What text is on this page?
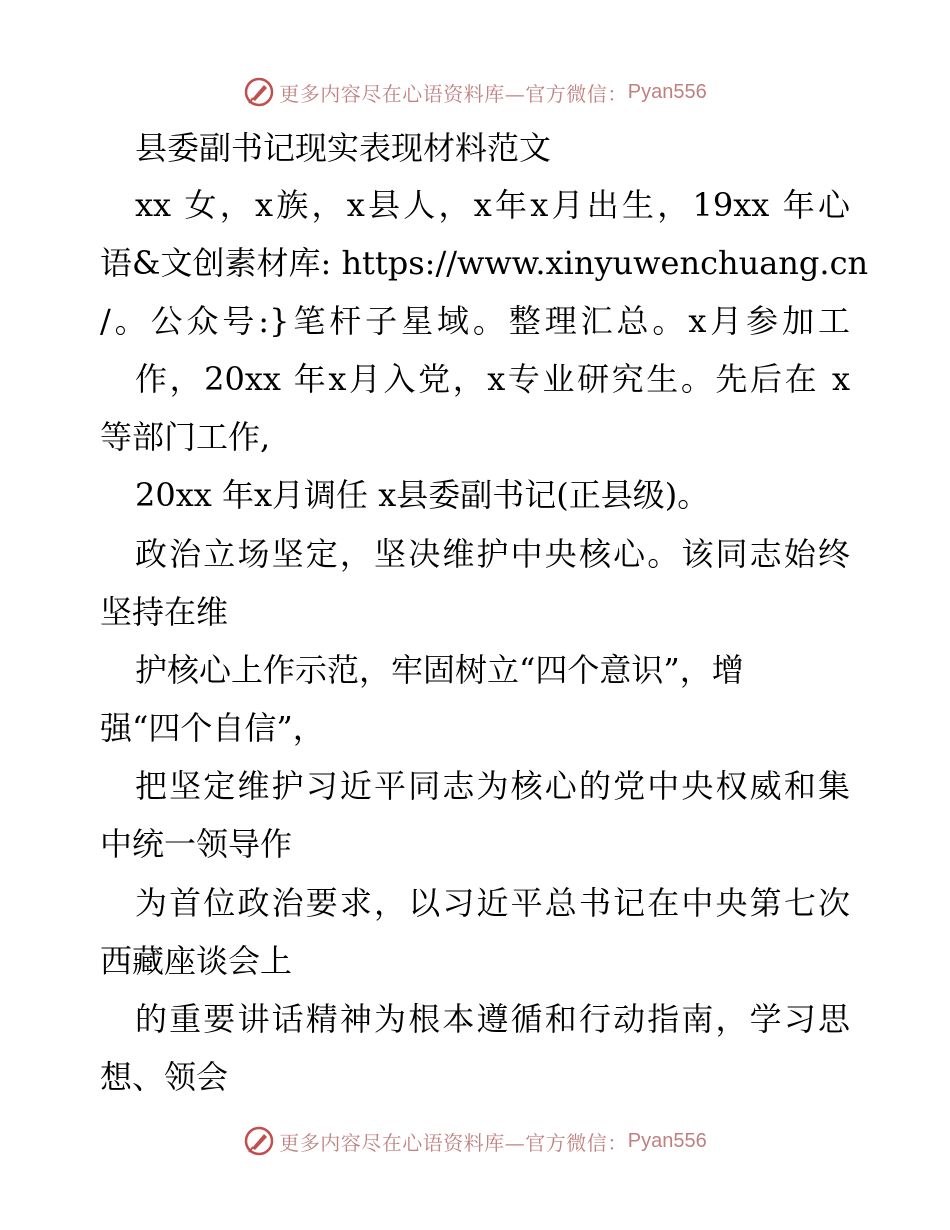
更多内容尽在心语资料库—官方微信： Pyan556
县委副书记现实表现材料范文
xx 女，x族，x县人，x年x月出生，19xx 年心
语&文创素材库: https://www.xinyuwenchuang.cn
/。公众号:}笔杆子星域。整理汇总。x月参加工
作，20xx 年x月入党，x专业研究生。先后在 x
等部门工作,
20xx 年x月调任 x县委副书记(正县级)。
政治立场坚定，坚决维护中央核心。该同志始终
坚持在维
护核心上作示范，牢固树立“四个意识”，增
强“四个自信”，
把坚定维护习近平同志为核心的党中央权威和集
中统一领导作
为首位政治要求，以习近平总书记在中央第七次
西藏座谈会上
的重要讲话精神为根本遵循和行动指南，学习思
想、领会
更多内容尽在心语资料库—官方微信： Pyan556
